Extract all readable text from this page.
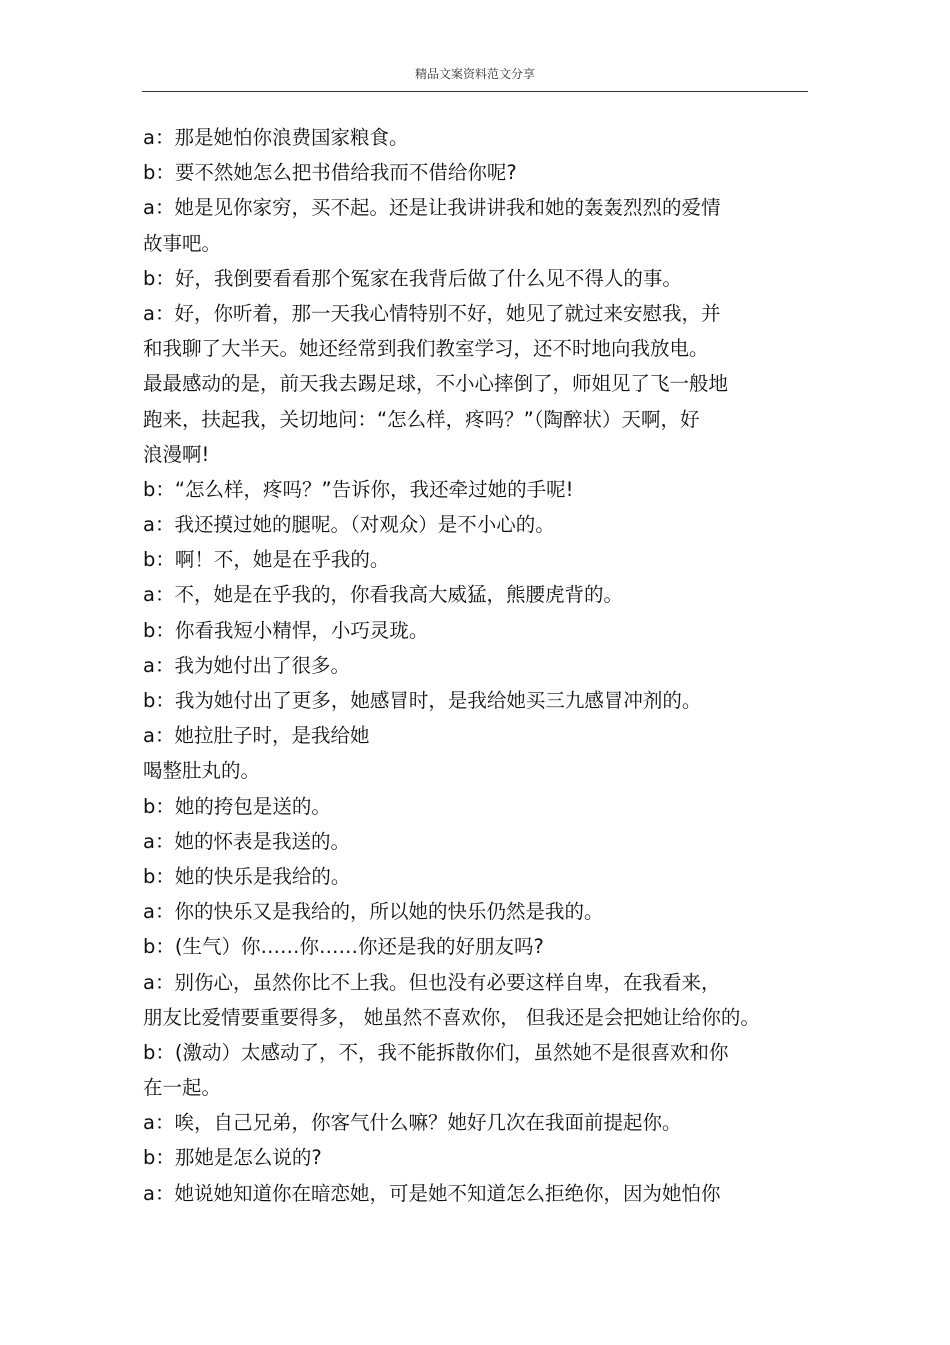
精品文案资料范文分享
a：那是她怕你浪费国家粮食。
b：要不然她怎么把书借给我而不借给你呢?
a：她是见你家穷，买不起。还是让我讲讲我和她的轰轰烈烈的爱情
故事吧。
b：好，我倒要看看那个冤家在我背后做了什么见不得人的事。
a：好，你听着，那一天我心情特别不好，她见了就过来安慰我，并
和我聊了大半天。她还经常到我们教室学习，还不时地向我放电。
最最感动的是，前天我去踢足球，不小心摔倒了，师姐见了飞一般地
跑来，扶起我，关切地问：“怎么样，疼吗？”（陶醉状）天啊，好
浪漫啊!
b：“怎么样，疼吗？”告诉你，我还牵过她的手呢!
a：我还摸过她的腿呢。（对观众）是不小心的。
b：啊！不，她是在乎我的。
a：不，她是在乎我的，你看我高大威猛，熊腰虎背的。
b：你看我短小精悍，小巧灵珑。
a：我为她付出了很多。
b：我为她付出了更多，她感冒时，是我给她买三九感冒冲剂的。
a：她拉肚子时，是我给她
喝整肚丸的。
b：她的挎包是送的。
a：她的怀表是我送的。
b：她的快乐是我给的。
a：你的快乐又是我给的，所以她的快乐仍然是我的。
b：(生气）你……你……你还是我的好朋友吗?
a：别伤心，虽然你比不上我。但也没有必要这样自卑，在我看来，
朋友比爱情要重要得多， 她虽然不喜欢你， 但我还是会把她让给你的。
b：(激动）太感动了，不，我不能拆散你们，虽然她不是很喜欢和你
在一起。
a：唉，自己兄弟，你客气什么嘛？她好几次在我面前提起你。
b：那她是怎么说的?
a：她说她知道你在暗恋她，可是她不知道怎么拒绝你，因为她怕你
